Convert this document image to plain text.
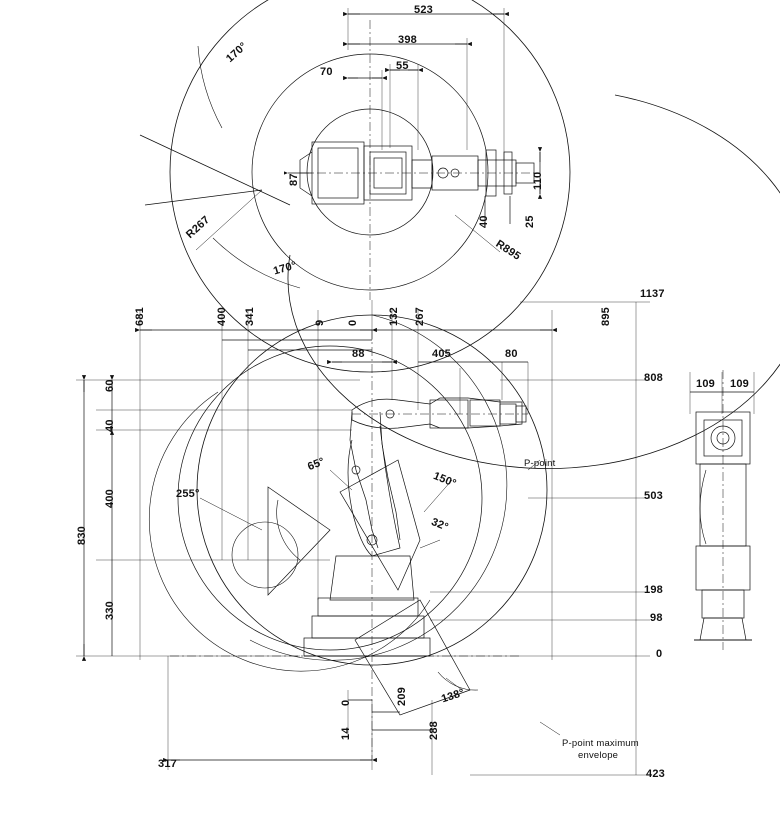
523
398
70	55
87	110
40	25
170°
170°
R267
R895
681	400 341	9 0	132 267	895
88	405	80
1137
808
503
198
98
0
423
60
40
400
830
330
317
0
14
209
288
255°
65°
150°
32°
138°
P-point
P-point maximum
envelope
109 109
